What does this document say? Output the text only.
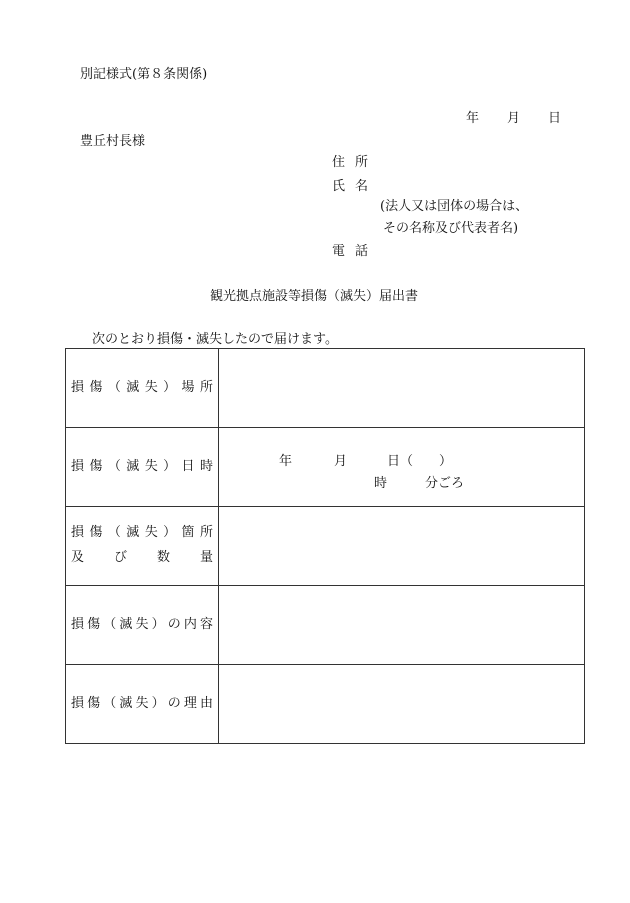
別記様式(第８条関係)
年 月 日
豊丘村長様
住所
氏名
(法人又は団体の場合は、
その名称及び代表者名)
電話
観光拠点施設等損傷（滅失）届出書
次のとおり損傷・滅失したので届けます。
損傷（滅失）場所	

損傷（滅失）日時	年 月 日（ ）
時 分ごろ

損傷（滅失）箇所
及び数量	

損傷（滅失）の内容	

損傷（滅失）の理由	
